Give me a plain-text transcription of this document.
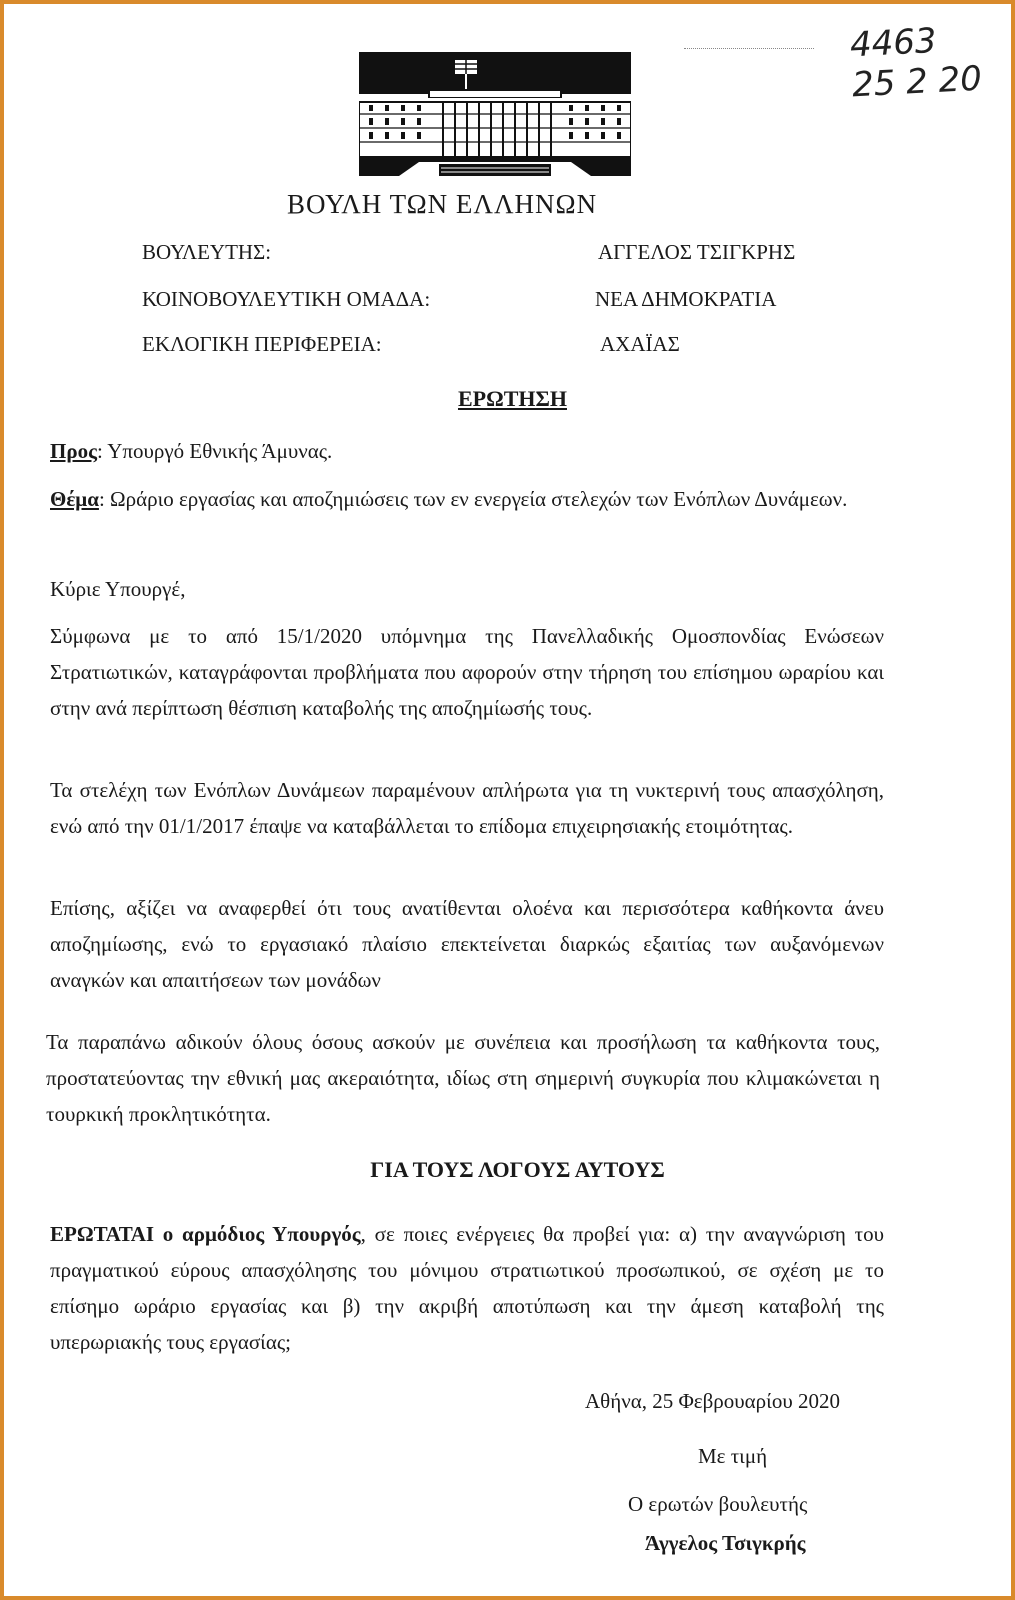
4463
25 2 20
ΒΟΥΛΗ ΤΩΝ ΕΛΛΗΝΩΝ
ΒΟΥΛΕΥΤΗΣ:	ΑΓΓΕΛΟΣ ΤΣΙΓΚΡΗΣ
ΚΟΙΝΟΒΟΥΛΕΥΤΙΚΗ ΟΜΑΔΑ:	ΝΕΑ ΔΗΜΟΚΡΑΤΙΑ
ΕΚΛΟΓΙΚΗ ΠΕΡΙΦΕΡΕΙΑ:	ΑΧΑΪΑΣ
ΕΡΩΤΗΣΗ
Προς: Υπουργό Εθνικής Άμυνας.
Θέμα: Ωράριο εργασίας και αποζημιώσεις των εν ενεργεία στελεχών των Ενόπλων Δυνάμεων.
Κύριε Υπουργέ,
Σύμφωνα με το από 15/1/2020 υπόμνημα της Πανελλαδικής Ομοσπονδίας Ενώσεων Στρατιωτικών, καταγράφονται προβλήματα που αφορούν στην τήρηση του επίσημου ωραρίου και στην ανά περίπτωση θέσπιση καταβολής της αποζημίωσής τους.
Τα στελέχη των Ενόπλων Δυνάμεων παραμένουν απλήρωτα για τη νυκτερινή τους απασχόληση, ενώ από την 01/1/2017 έπαψε να καταβάλλεται το επίδομα επιχειρησιακής ετοιμότητας.
Επίσης, αξίζει να αναφερθεί ότι τους ανατίθενται ολοένα και περισσότερα καθήκοντα άνευ αποζημίωσης, ενώ το εργασιακό πλαίσιο επεκτείνεται διαρκώς εξαιτίας των αυξανόμενων αναγκών και απαιτήσεων των μονάδων
Τα παραπάνω αδικούν όλους όσους ασκούν με συνέπεια και προσήλωση τα καθήκοντα τους, προστατεύοντας την εθνική μας ακεραιότητα, ιδίως στη σημερινή συγκυρία που κλιμακώνεται η τουρκική προκλητικότητα.
ΓΙΑ ΤΟΥΣ ΛΟΓΟΥΣ ΑΥΤΟΥΣ
ΕΡΩΤΑΤΑΙ ο αρμόδιος Υπουργός, σε ποιες ενέργειες θα προβεί για: α) την αναγνώριση του πραγματικού εύρους απασχόλησης του μόνιμου στρατιωτικού προσωπικού, σε σχέση με το επίσημο ωράριο εργασίας και β) την ακριβή αποτύπωση και την άμεση καταβολή της υπερωριακής τους εργασίας;
Αθήνα, 25 Φεβρουαρίου 2020
Με τιμή
Ο ερωτών βουλευτής
Άγγελος Τσιγκρής
